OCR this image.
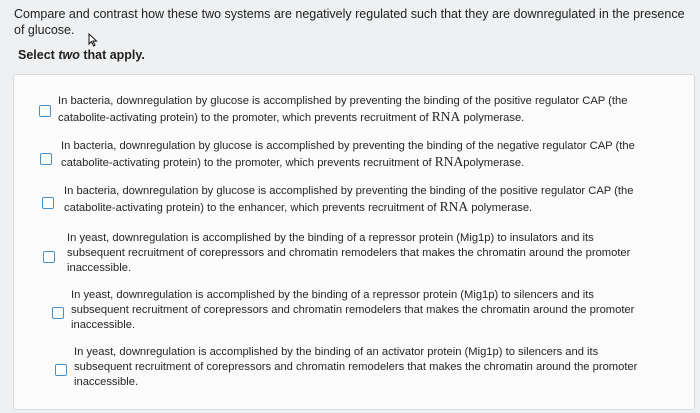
Compare and contrast how these two systems are negatively regulated such that they are downregulated in the presence of glucose.
Select two that apply.
In bacteria, downregulation by glucose is accomplished by preventing the binding of the positive regulator CAP (the catabolite-activating protein) to the promoter, which prevents recruitment of RNA polymerase.
In bacteria, downregulation by glucose is accomplished by preventing the binding of the negative regulator CAP (the catabolite-activating protein) to the promoter, which prevents recruitment of RNApolymerase.
In bacteria, downregulation by glucose is accomplished by preventing the binding of the positive regulator CAP (the catabolite-activating protein) to the enhancer, which prevents recruitment of RNA polymerase.
In yeast, downregulation is accomplished by the binding of a repressor protein (Mig1p) to insulators and its subsequent recruitment of corepressors and chromatin remodelers that makes the chromatin around the promoter inaccessible.
In yeast, downregulation is accomplished by the binding of a repressor protein (Mig1p) to silencers and its subsequent recruitment of corepressors and chromatin remodelers that makes the chromatin around the promoter inaccessible.
In yeast, downregulation is accomplished by the binding of an activator protein (Mig1p) to silencers and its subsequent recruitment of corepressors and chromatin remodelers that makes the chromatin around the promoter inaccessible.
